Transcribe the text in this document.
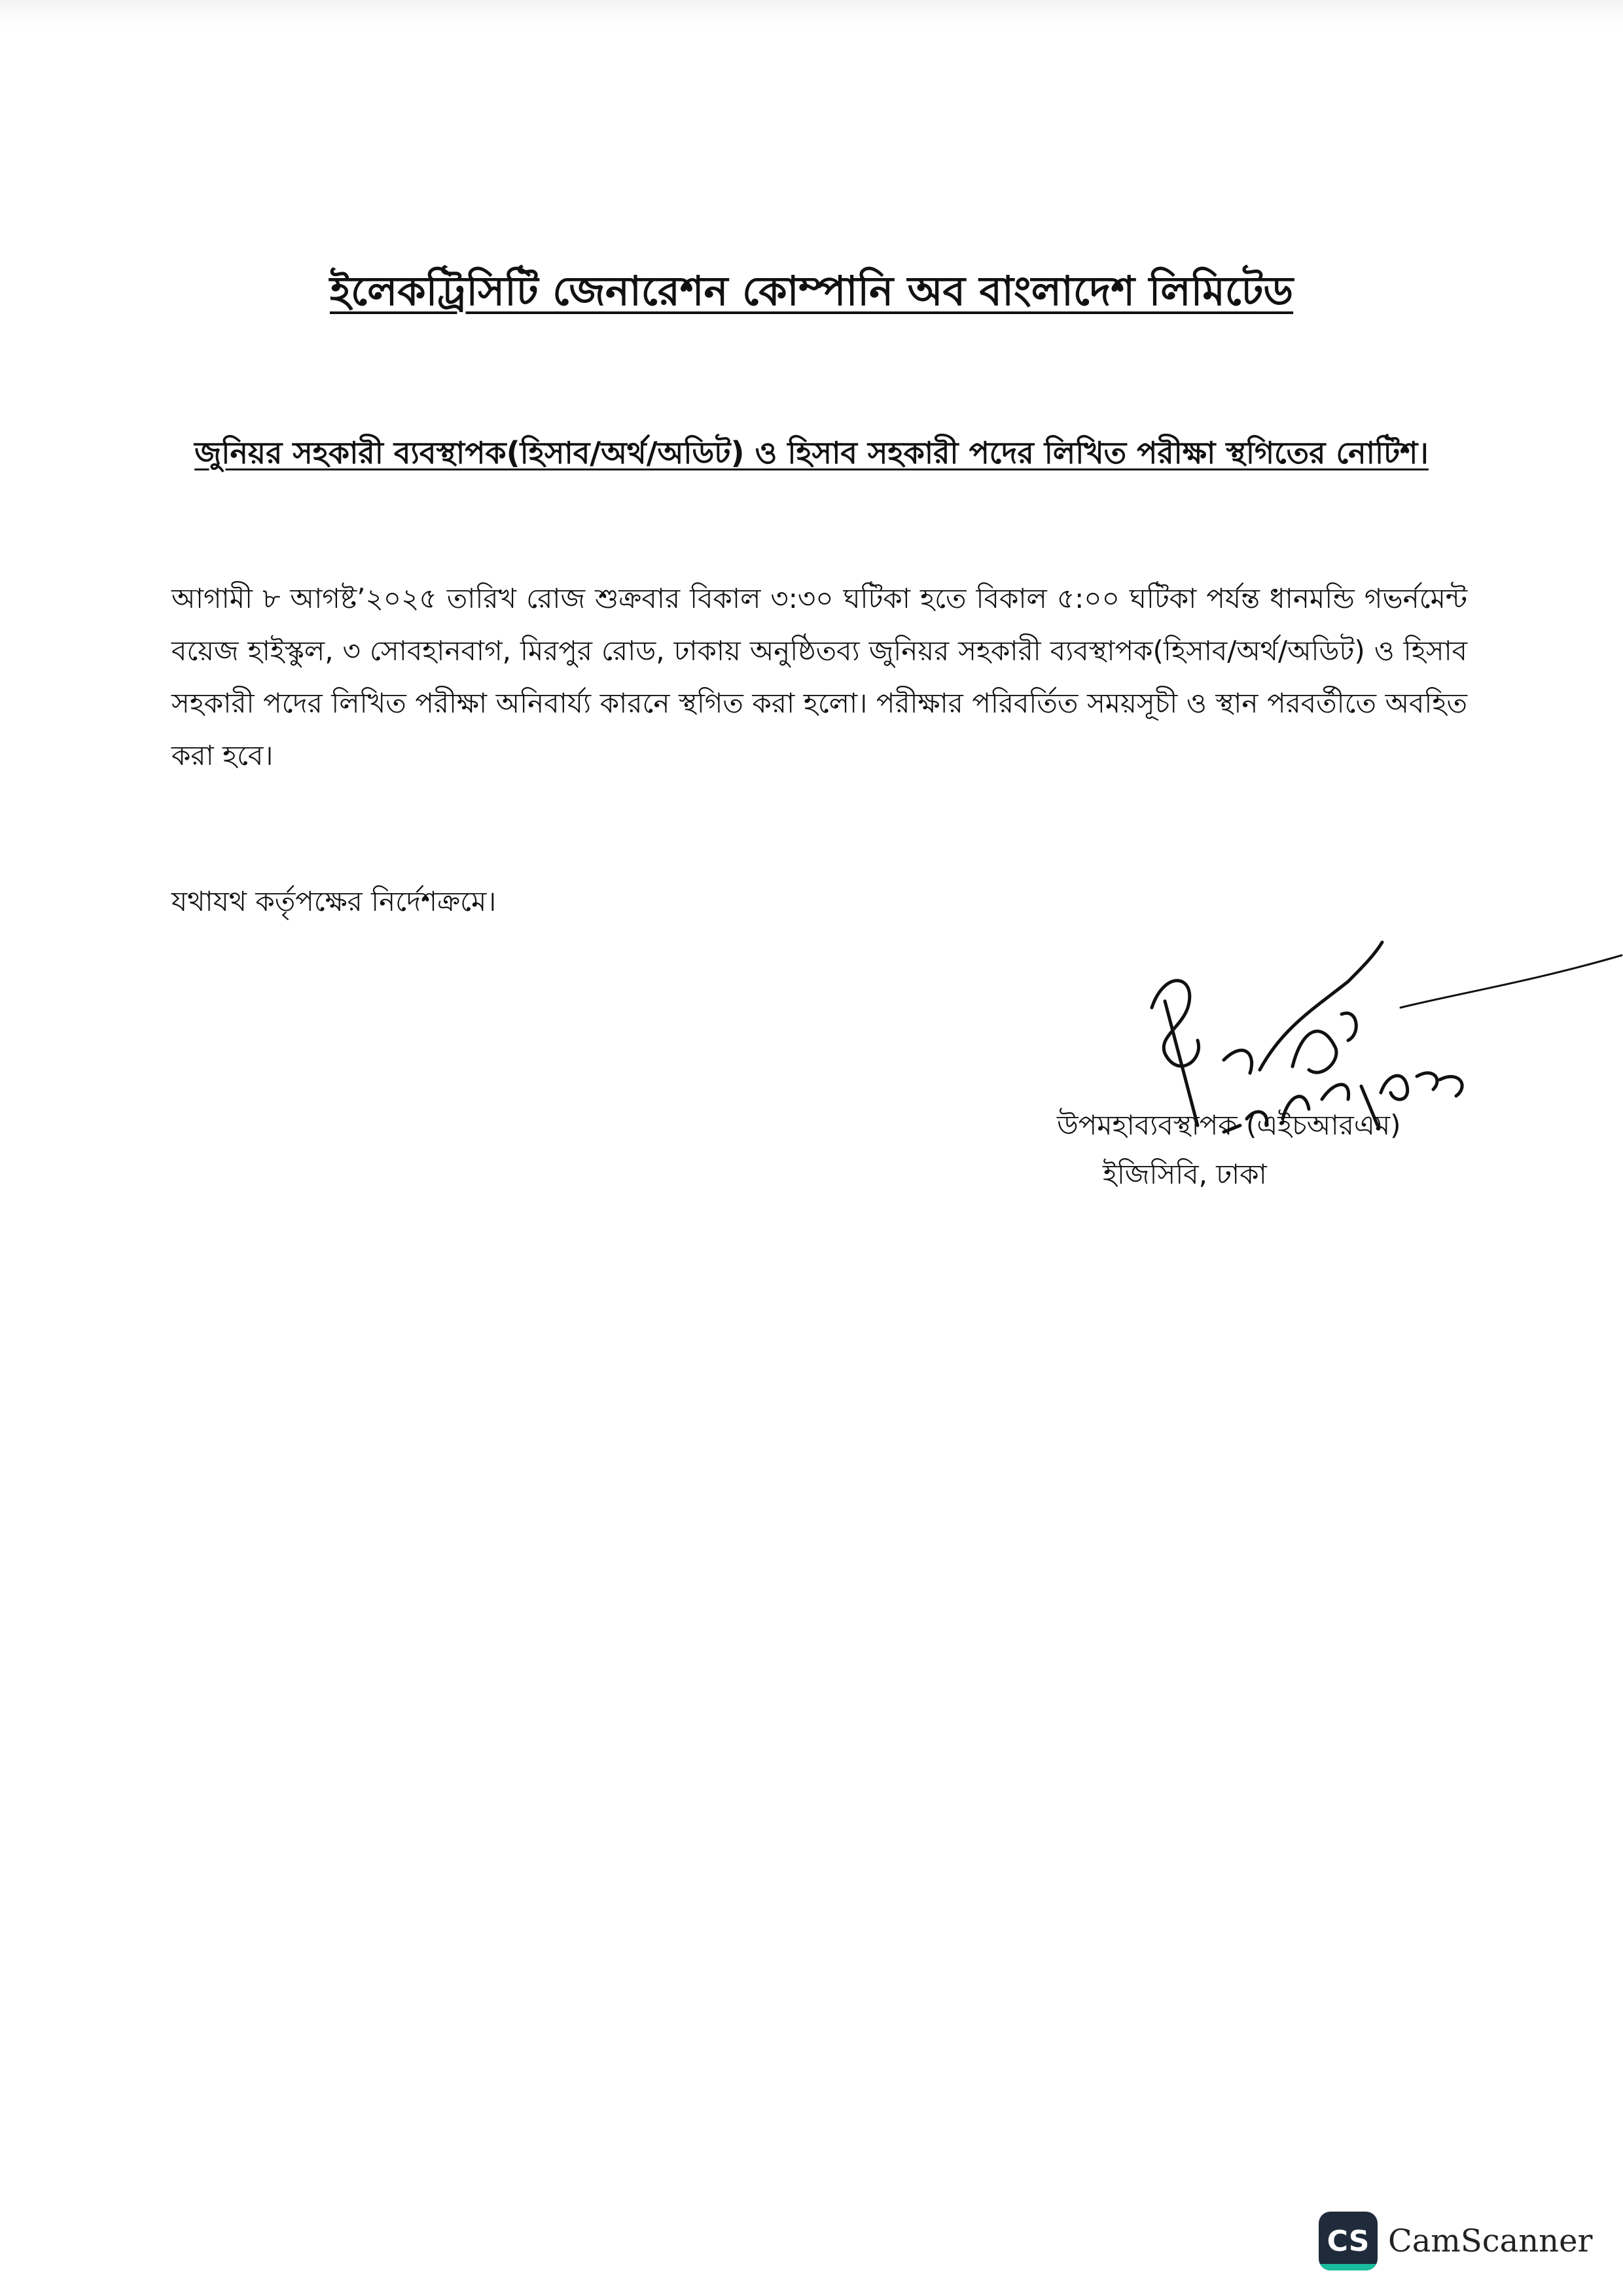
ইলেকট্রিসিটি জেনারেশন কোম্পানি অব বাংলাদেশ লিমিটেড
জুনিয়র সহকারী ব্যবস্থাপক(হিসাব/অর্থ/অডিট) ও হিসাব সহকারী পদের লিখিত পরীক্ষা স্থগিতের নোটিশ।
আগামী ৮ আগষ্ট’২০২৫ তারিখ রোজ শুক্রবার বিকাল ৩:৩০ ঘটিকা হতে বিকাল ৫:০০ ঘটিকা পর্যন্ত ধানমন্ডি গভর্নমেন্ট বয়েজ হাইস্কুল, ৩ সোবহানবাগ, মিরপুর রোড, ঢাকায় অনুষ্ঠিতব্য জুনিয়র সহকারী ব্যবস্থাপক(হিসাব/অর্থ/অডিট) ও হিসাব সহকারী পদের লিখিত পরীক্ষা অনিবার্য্য কারনে স্থগিত করা হলো। পরীক্ষার পরিবর্তিত সময়সূচী ও স্থান পরবর্তীতে অবহিত করা হবে।
যথাযথ কর্তৃপক্ষের নির্দেশক্রমে।
উপমহাব্যবস্থাপক (এইচআরএম)
ইজিসিবি, ঢাকা
CS CamScanner
